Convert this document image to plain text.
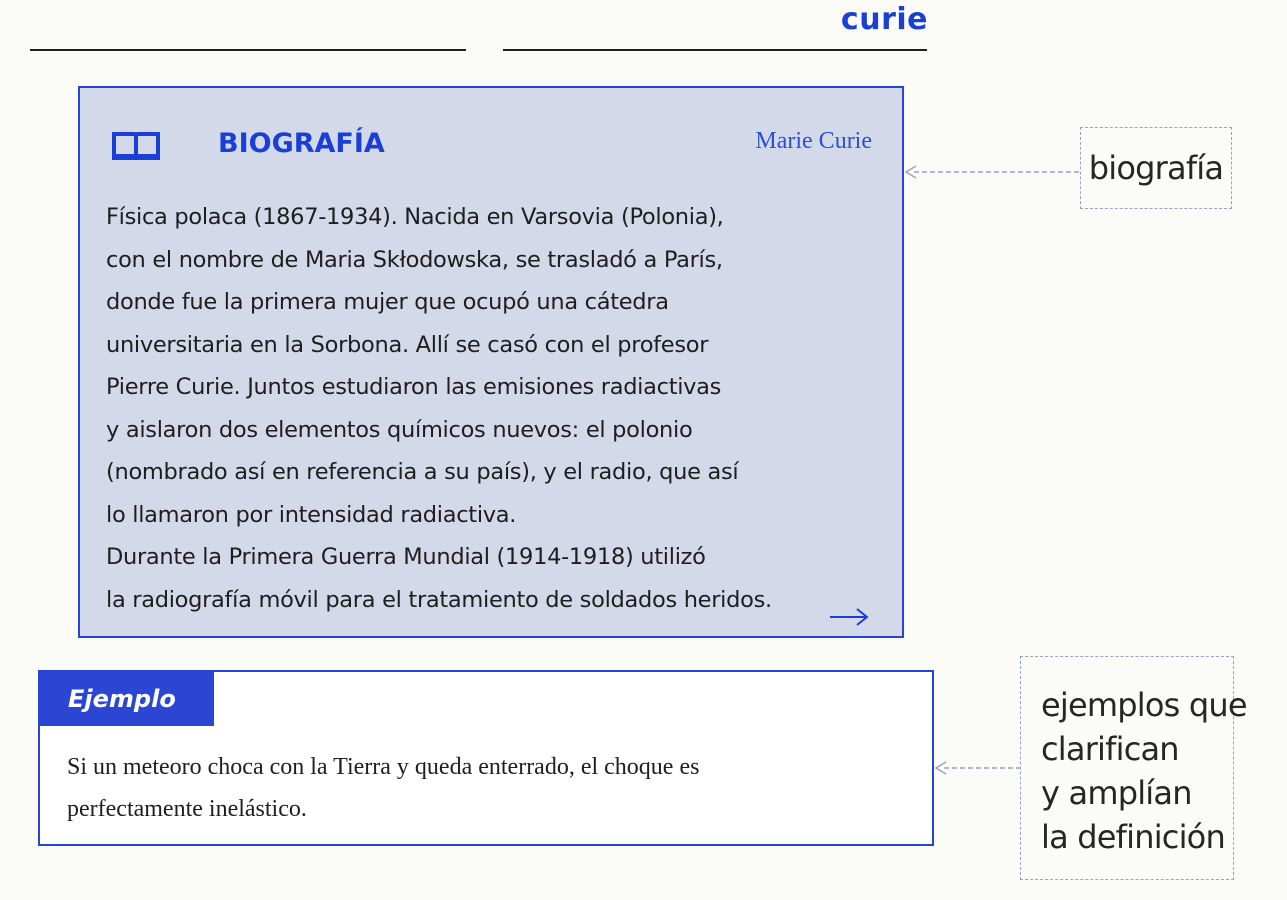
curie
BIOGRAFÍA	Marie Curie
Física polaca (1867-1934). Nacida en Varsovia (Polonia),
con el nombre de Maria Skłodowska, se trasladó a París,
donde fue la primera mujer que ocupó una cátedra
universitaria en la Sorbona. Allí se casó con el profesor
Pierre Curie. Juntos estudiaron las emisiones radiactivas
y aislaron dos elementos químicos nuevos: el polonio
(nombrado así en referencia a su país), y el radio, que así
lo llamaron por intensidad radiactiva.
Durante la Primera Guerra Mundial (1914-1918) utilizó
la radiografía móvil para el tratamiento de soldados heridos.
Ejemplo
Si un meteoro choca con la Tierra y queda enterrado, el choque es
perfectamente inelástico.
biografía
ejemplos que
clarifican
y amplían
la definición
